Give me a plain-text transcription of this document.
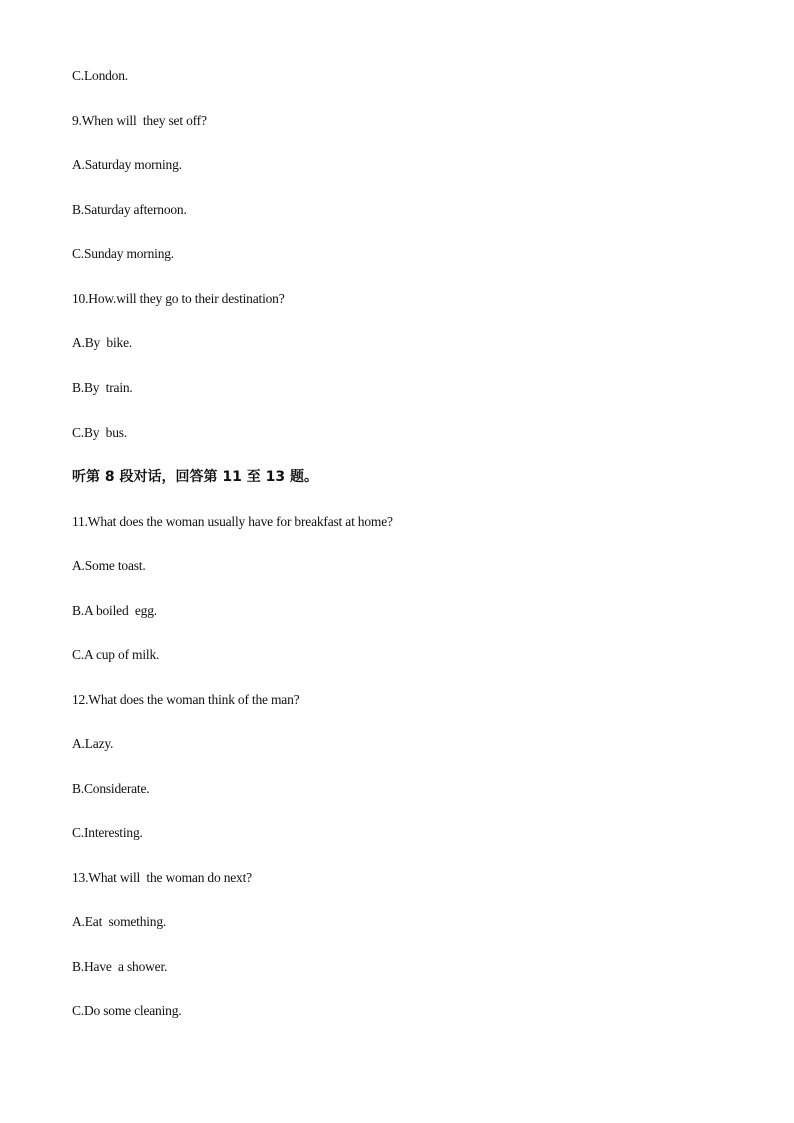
C.London.
9.When will  they set off?
A.Saturday morning.
B.Saturday afternoon.
C.Sunday morning.
10.How.will they go to their destination?
A.By  bike.
B.By  train.
C.By  bus.
听第 8 段对话，回答第 11 至 13 题。
11.What does the woman usually have for breakfast at home?
A.Some toast.
B.A boiled  egg.
C.A cup of milk.
12.What does the woman think of the man?
A.Lazy.
B.Considerate.
C.Interesting.
13.What will  the woman do next?
A.Eat  something.
B.Have  a shower.
C.Do some cleaning.
